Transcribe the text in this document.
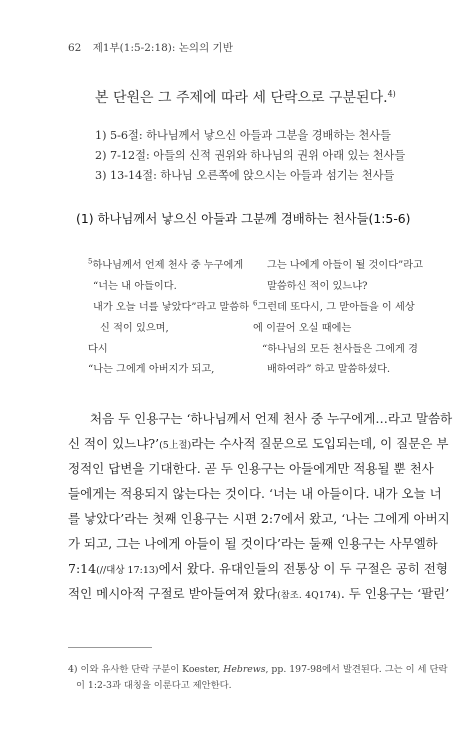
62 제1부(1:5-2:18): 논의의 기반
본 단원은 그 주제에 따라 세 단락으로 구분된다.$^{4)}$
1) 5-6절: 하나님께서 낳으신 아들과 그분을 경배하는 천사들
2) 7-12절: 아들의 신적 권위와 하나님의 권위 아래 있는 천사들
3) 13-14절: 하나님 오른쪽에 앉으시는 아들과 섬기는 천사들
(1) 하나님께서 낳으신 아들과 그분께 경배하는 천사들(1:5-6)
$^5$하나님께서 언제 천사 중 누구에게
“너는 내 아들이다.
내가 오늘 너를 낳았다”라고 말씀하
신 적이 있으며,
다시
“나는 그에게 아버지가 되고,
그는 나에게 아들이 될 것이다”라고
말씀하신 적이 있느냐?
$^6$그런데 또다시, 그 맏아들을 이 세상
에 이끌어 오실 때에는
“하나님의 모든 천사들은 그에게 경
배하여라” 하고 말씀하셨다.
처음 두 인용구는 ‘하나님께서 언제 천사 중 누구에게…라고 말씀하
신 적이 있느냐?’(5上절)라는 수사적 질문으로 도입되는데, 이 질문은 부
정적인 답변을 기대한다. 곧 두 인용구는 아들에게만 적용될 뿐 천사
들에게는 적용되지 않는다는 것이다. ‘너는 내 아들이다. 내가 오늘 너
를 낳았다’라는 첫째 인용구는 시편 2:7에서 왔고, ‘나는 그에게 아버지
가 되고, 그는 나에게 아들이 될 것이다’라는 둘째 인용구는 사무엘하
7:14(//대상 17:13)에서 왔다. 유대인들의 전통상 이 두 구절은 공히 전형
적인 메시아적 구절로 받아들여져 왔다(참조. 4Q174). 두 인용구는 ‘팔린’
4) 이와 유사한 단락 구분이 Koester, Hebrews, pp. 197-98에서 발견된다. 그는 이 세 단락
이 1:2-3과 대칭을 이룬다고 제안한다.
